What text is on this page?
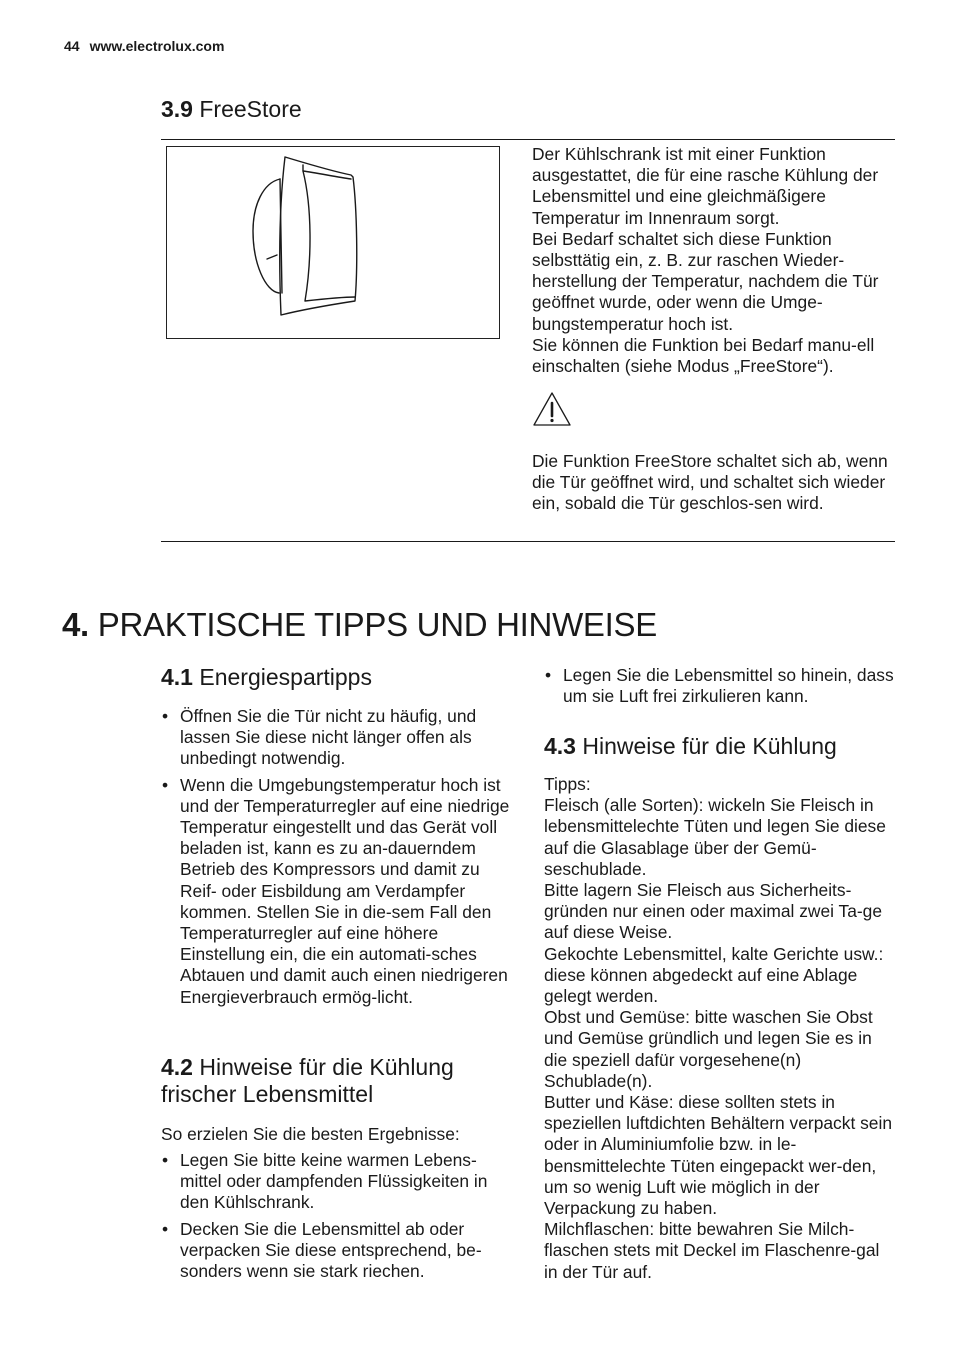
44 www.electrolux.com
3.9 FreeStore

Der Kühlschrank ist mit einer Funktion ausgestattet, die für eine rasche Kühlung der Lebensmittel und eine gleichmäßigere Temperatur im Innenraum sorgt.

Bei Bedarf schaltet sich diese Funktion selbsttätig ein, z. B. zur raschen Wieder-herstellung der Temperatur, nachdem die Tür geöffnet wurde, oder wenn die Umge-bungstemperatur hoch ist.

Sie können die Funktion bei Bedarf manu-ell einschalten (siehe Modus „FreeStore“).

Die Funktion FreeStore schaltet sich ab, wenn die Tür geöffnet wird, und schaltet sich wieder ein, sobald die Tür geschlos-sen wird.

4. PRAKTISCHE TIPPS UND HINWEISE
4.1 Energiespartipps
• Öffnen Sie die Tür nicht zu häufig, und lassen Sie diese nicht länger offen als unbedingt notwendig.
• Wenn die Umgebungstemperatur hoch ist und der Temperaturregler auf eine niedrige Temperatur eingestellt und das Gerät voll beladen ist, kann es zu an-dauerndem Betrieb des Kompressors und damit zu Reif- oder Eisbildung am Verdampfer kommen. Stellen Sie in die-sem Fall den Temperaturregler auf eine höhere Einstellung ein, die ein automati-sches Abtauen und damit auch einen niedrigeren Energieverbrauch ermög-licht.
4.2 Hinweise für die Kühlung
frischer Lebensmittel

So erzielen Sie die besten Ergebnisse:

• Legen Sie bitte keine warmen Lebens-mittel oder dampfenden Flüssigkeiten in den Kühlschrank.
• Decken Sie die Lebensmittel ab oder verpacken Sie diese entsprechend, be-sonders wenn sie stark riechen.
• Legen Sie die Lebensmittel so hinein, dass um sie Luft frei zirkulieren kann.
4.3 Hinweise für die Kühlung

Tipps:

Fleisch (alle Sorten): wickeln Sie Fleisch in lebensmittelechte Tüten und legen Sie diese auf die Glasablage über der Gemü-seschublade.

Bitte lagern Sie Fleisch aus Sicherheits-gründen nur einen oder maximal zwei Ta-ge auf diese Weise.

Gekochte Lebensmittel, kalte Gerichte usw.: diese können abgedeckt auf eine Ablage gelegt werden.

Obst und Gemüse: bitte waschen Sie Obst und Gemüse gründlich und legen Sie es in die speziell dafür vorgesehene(n) Schublade(n).

Butter und Käse: diese sollten stets in speziellen luftdichten Behältern verpackt sein oder in Aluminiumfolie bzw. in le-bensmittelechte Tüten eingepackt wer-den, um so wenig Luft wie möglich in der Verpackung zu haben.

Milchflaschen: bitte bewahren Sie Milch-flaschen stets mit Deckel im Flaschenre-gal in der Tür auf.
